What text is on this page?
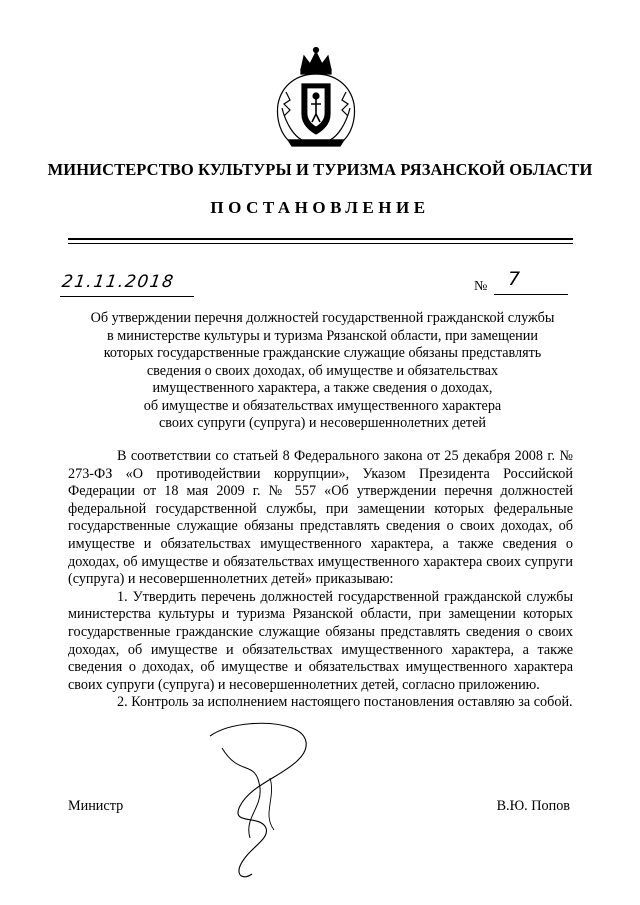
МИНИСТЕРСТВО КУЛЬТУРЫ И ТУРИЗМА РЯЗАНСКОЙ ОБЛАСТИ
ПОСТАНОВЛЕНИЕ
21.11.2018	№ 7
Об утверждении перечня должностей государственной гражданской службы
в министерстве культуры и туризма Рязанской области, при замещении
которых государственные гражданские служащие обязаны представлять
сведения о своих доходах, об имуществе и обязательствах
имущественного характера, а также сведения о доходах,
об имуществе и обязательствах имущественного характера
своих супруги (супруга) и несовершеннолетних детей

В соответствии со статьей 8 Федерального закона от 25 декабря 2008 г. № 273-ФЗ «О противодействии коррупции», Указом Президента Российской Федерации от 18 мая 2009 г. № 557 «Об утверждении перечня должностей федеральной государственной службы, при замещении которых федеральные государственные служащие обязаны представлять сведения о своих доходах, об имуществе и обязательствах имущественного характера, а также сведения о доходах, об имуществе и обязательствах имущественного характера своих супруги (супруга) и несовершеннолетних детей» приказываю:

1. Утвердить перечень должностей государственной гражданской службы министерства культуры и туризма Рязанской области, при замещении которых государственные гражданские служащие обязаны представлять сведения о своих доходах, об имуществе и обязательствах имущественного характера, а также сведения о доходах, об имуществе и обязательствах имущественного характера своих супруги (супруга) и несовершеннолетних детей, согласно приложению.

2. Контроль за исполнением настоящего постановления оставляю за собой.

Министр	В.Ю. Попов
